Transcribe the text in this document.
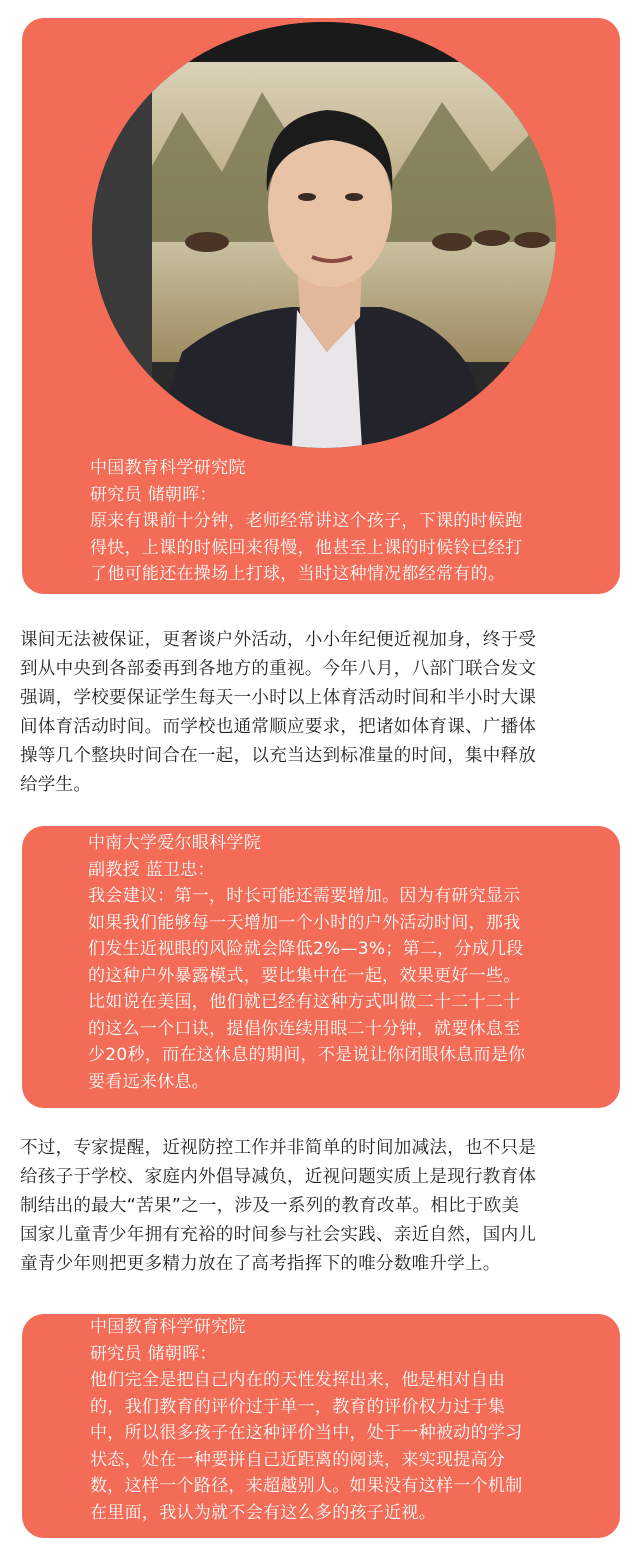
中国教育科学研究院
研究员 储朝晖：
原来有课前十分钟，老师经常讲这个孩子，下课的时候跑
得快，上课的时候回来得慢，他甚至上课的时候铃已经打
了他可能还在操场上打球，当时这种情况都经常有的。
课间无法被保证，更奢谈户外活动，小小年纪便近视加身，终于受
到从中央到各部委再到各地方的重视。今年八月，八部门联合发文
强调，学校要保证学生每天一小时以上体育活动时间和半小时大课
间体育活动时间。而学校也通常顺应要求，把诸如体育课、广播体
操等几个整块时间合在一起，以充当达到标准量的时间，集中释放
给学生。
中南大学爱尔眼科学院
副教授 蓝卫忠：
我会建议：第一，时长可能还需要增加。因为有研究显示
如果我们能够每一天增加一个小时的户外活动时间，那我
们发生近视眼的风险就会降低2%—3%；第二，分成几段
的这种户外暴露模式，要比集中在一起，效果更好一些。
比如说在美国，他们就已经有这种方式叫做二十二十二十
的这么一个口诀，提倡你连续用眼二十分钟，就要休息至
少20秒，而在这休息的期间，不是说让你闭眼休息而是你
要看远来休息。
不过，专家提醒，近视防控工作并非简单的时间加减法，也不只是
给孩子于学校、家庭内外倡导减负，近视问题实质上是现行教育体
制结出的最大“苦果”之一，涉及一系列的教育改革。相比于欧美
国家儿童青少年拥有充裕的时间参与社会实践、亲近自然，国内儿
童青少年则把更多精力放在了高考指挥下的唯分数唯升学上。
中国教育科学研究院
研究员 储朝晖：
他们完全是把自己内在的天性发挥出来，他是相对自由
的，我们教育的评价过于单一，教育的评价权力过于集
中，所以很多孩子在这种评价当中，处于一种被动的学习
状态，处在一种要拼自己近距离的阅读，来实现提高分
数，这样一个路径，来超越别人。如果没有这样一个机制
在里面，我认为就不会有这么多的孩子近视。
